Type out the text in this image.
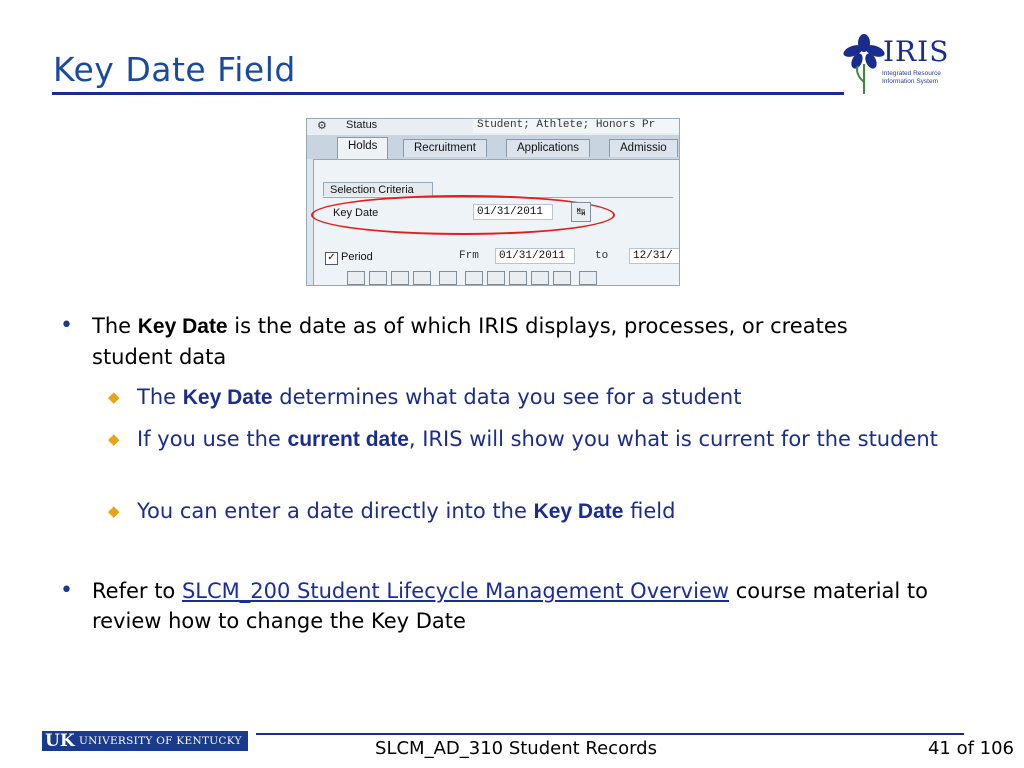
Key Date Field	IRIS
Integrated Resource
Information System
⚙ Status	Student; Athlete; Honors Pr
Holds	Recruitment	Applications	Admissio
Selection Criteria
Key Date	01/31/2011	↹
✓ Period	Frm	01/31/2011	to	12/31/
• The Key Date is the date as of which IRIS displays, processes, or creates student data
◆ The Key Date determines what data you see for a student
◆ If you use the current date, IRIS will show you what is current for the student
◆ You can enter a date directly into the Key Date field
• Refer to SLCM_200 Student Lifecycle Management Overview course material to review how to change the Key Date
UK UNIVERSITY OF KENTUCKY	SLCM_AD_310 Student Records	41 of 106
